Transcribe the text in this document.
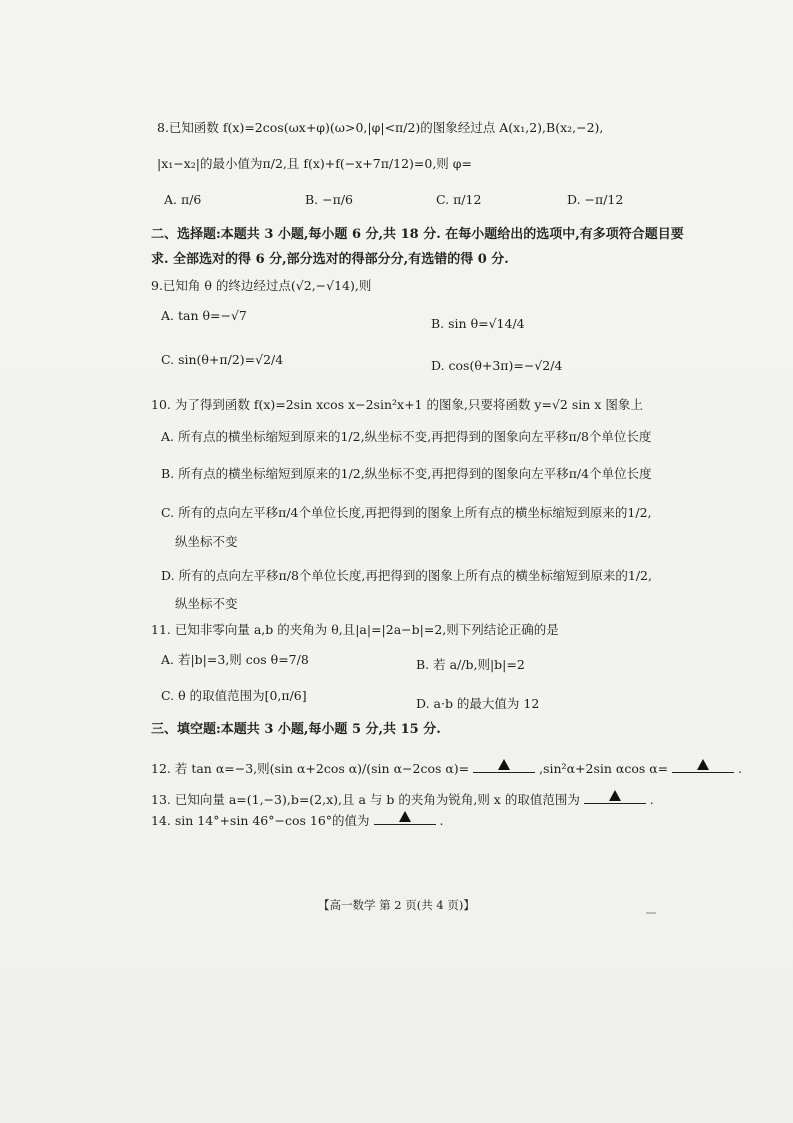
8.已知函数 f(x)=2cos(ωx+φ)(ω>0,|φ|<π/2)的图象经过点 A(x₁,2),B(x₂,−2),
|x₁−x₂|的最小值为π/2,且 f(x)+f(−x+7π/12)=0,则 φ=
A. π/6	B. −π/6	C. π/12	D. −π/12
二、选择题:本题共 3 小题,每小题 6 分,共 18 分. 在每小题给出的选项中,有多项符合题目要
求. 全部选对的得 6 分,部分选对的得部分分,有选错的得 0 分.
9.已知角 θ 的终边经过点(√2,−√14),则
A. tan θ=−√7
B. sin θ=√14/4
C. sin(θ+π/2)=√2/4	D. cos(θ+3π)=−√2/4
10. 为了得到函数 f(x)=2sin xcos x−2sin²x+1 的图象,只要将函数 y=√2 sin x 图象上
A. 所有点的横坐标缩短到原来的1/2,纵坐标不变,再把得到的图象向左平移π/8个单位长度
B. 所有点的横坐标缩短到原来的1/2,纵坐标不变,再把得到的图象向左平移π/4个单位长度
C. 所有的点向左平移π/4个单位长度,再把得到的图象上所有点的横坐标缩短到原来的1/2,
纵坐标不变
D. 所有的点向左平移π/8个单位长度,再把得到的图象上所有点的横坐标缩短到原来的1/2,
纵坐标不变
11. 已知非零向量 a,b 的夹角为 θ,且|a|=|2a−b|=2,则下列结论正确的是
A. 若|b|=3,则 cos θ=7/8	B. 若 a//b,则|b|=2
C. θ 的取值范围为[0,π/6]
D. a·b 的最大值为 12
三、填空题:本题共 3 小题,每小题 5 分,共 15 分.
12. 若 tan α=−3,则(sin α+2cos α)/(sin α−2cos α)=	,sin²α+2sin αcos α=	.
13. 已知向量 a=(1,−3),b=(2,x),且 a 与 b 的夹角为锐角,则 x 的取值范围为	.
14. sin 14°+sin 46°−cos 16°的值为	.
【高一数学 第 2 页(共 4 页)】
